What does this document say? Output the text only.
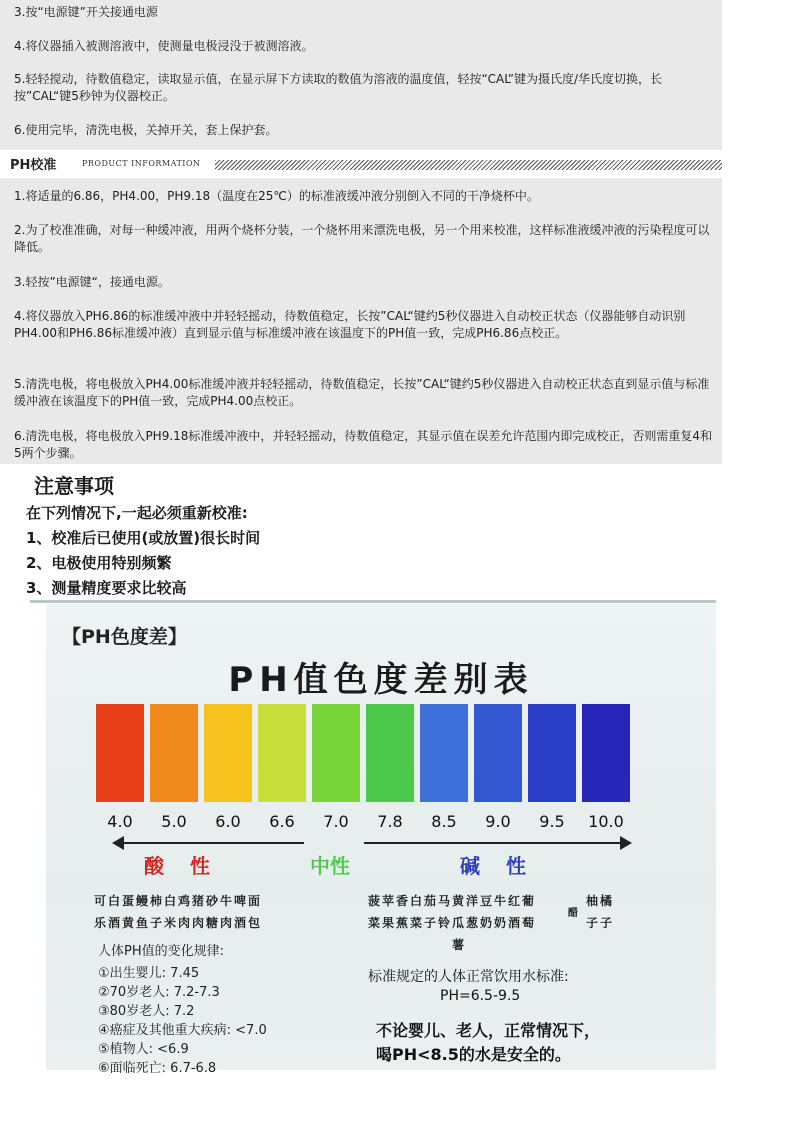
3.按“电源键”开关接通电源
4.将仪器插入被测溶液中，使测量电极浸没于被测溶液。
5.轻轻搅动，待数值稳定，读取显示值，在显示屏下方读取的数值为溶液的温度值，轻按“CAL”键为摄氏度/华氏度切换，长按”CAL“键5秒钟为仪器校正。
6.使用完毕，清洗电极，关掉开关，套上保护套。
PH校准	PRODUCT INFORMATION
1.将适量的6.86，PH4.00，PH9.18（温度在25℃）的标准液缓冲液分别倒入不同的干净烧杯中。
2.为了校准准确，对每一种缓冲液，用两个烧杯分装，一个烧杯用来漂洗电极，另一个用来校准，这样标准液缓冲液的污染程度可以降低。
3.轻按”电源键“，接通电源。
4.将仪器放入PH6.86的标准缓冲液中并轻轻摇动，待数值稳定，长按”CAL“键约5秒仪器进入自动校正状态（仪器能够自动识别PH4.00和PH6.86标准缓冲液）直到显示值与标准缓冲液在该温度下的PH值一致，完成PH6.86点校正。
5.清洗电极，将电极放入PH4.00标准缓冲液并轻轻摇动，待数值稳定，长按”CAL“键约5秒仪器进入自动校正状态直到显示值与标准缓冲液在该温度下的PH值一致，完成PH4.00点校正。
6.清洗电极，将电极放入PH9.18标准缓冲液中，并轻轻摇动，待数值稳定，其显示值在误差允许范围内即完成校正，否则需重复4和5两个步骤。
注意事项
在下列情况下,一起必须重新校准:
1、校准后已使用(或放置)很长时间
2、电极使用特别频繁
3、测量精度要求比较高
【PH色度差】
PH值色度差别表
4.0 5.0 6.0 6.6 7.0 7.8 8.5 9.0 9.5 10.0
酸性	中性	碱性
可白蛋鳗柿白鸡猪砂牛啤面
乐酒黄鱼子米肉肉糖肉酒包
菠苹香白茄马黄洋豆牛红葡
菜果蕉菜子铃瓜葱奶奶酒萄
薯
醋
柚橘
子子
人体PH值的变化规律:
①出生婴儿: 7.45
②70岁老人: 7.2-7.3
③80岁老人: 7.2
④癌症及其他重大疾病: <7.0
⑤植物人: <6.9
⑥面临死亡: 6.7-6.8
标准规定的人体正常饮用水标准:
PH=6.5-9.5
不论婴儿、老人，正常情况下，
喝PH<8.5的水是安全的。
